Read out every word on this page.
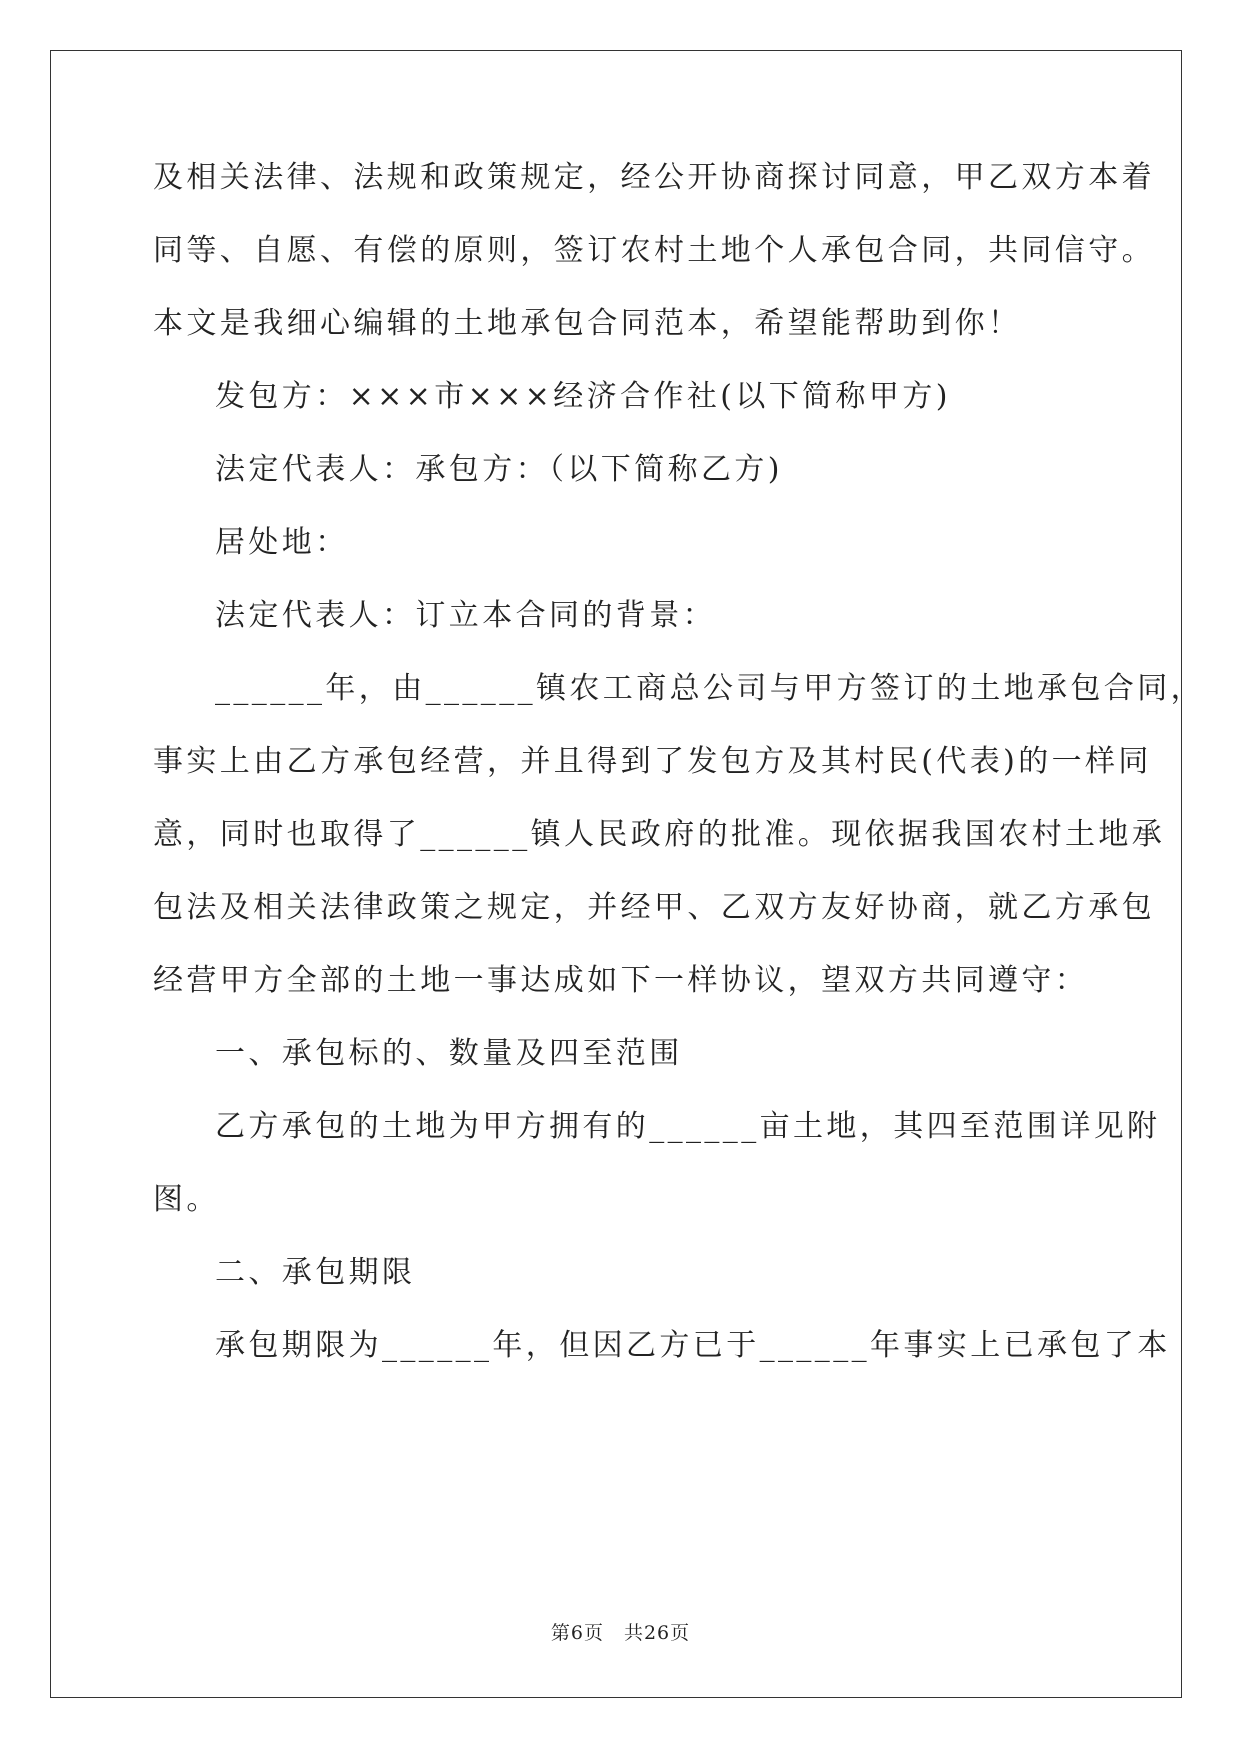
及相关法律、法规和政策规定，经公开协商探讨同意，甲乙双方本着
同等、自愿、有偿的原则，签订农村土地个人承包合同，共同信守。
本文是我细心编辑的土地承包合同范本，希望能帮助到你！
发包方：×××市×××经济合作社(以下简称甲方)
法定代表人：承包方：（以下简称乙方)
居处地：
法定代表人：订立本合同的背景：
______年，由______镇农工商总公司与甲方签订的土地承包合同，
事实上由乙方承包经营，并且得到了发包方及其村民(代表)的一样同
意，同时也取得了______镇人民政府的批准。现依据我国农村土地承
包法及相关法律政策之规定，并经甲、乙双方友好协商，就乙方承包
经营甲方全部的土地一事达成如下一样协议，望双方共同遵守：
一、承包标的、数量及四至范围
乙方承包的土地为甲方拥有的______亩土地，其四至范围详见附
图。
二、承包期限
承包期限为______年，但因乙方已于______年事实上已承包了本
第6页　共26页
